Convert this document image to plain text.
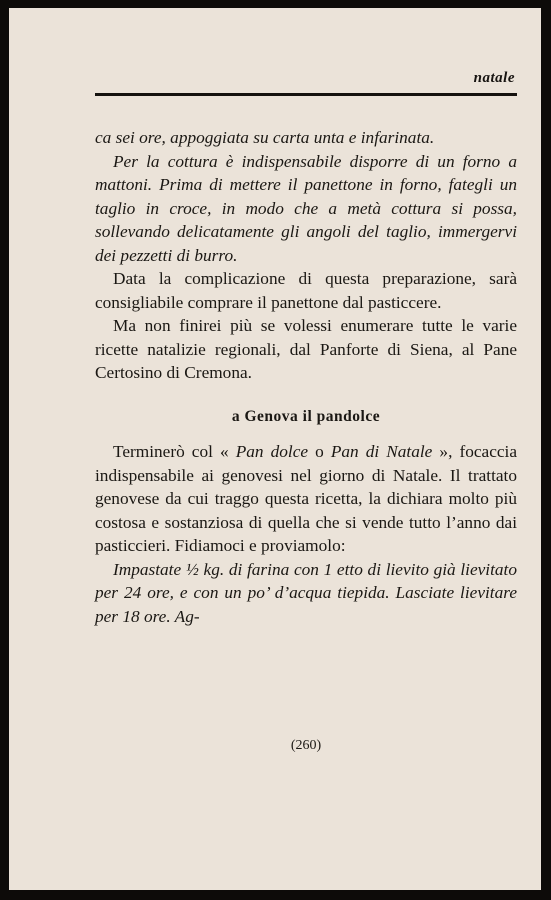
natale

ca sei ore, appoggiata su carta unta e infarinata.

Per la cottura è indispensabile disporre di un forno a mattoni. Prima di mettere il panettone in forno, fategli un taglio in croce, in modo che a metà cottura si possa, sollevando delicatamente gli angoli del taglio, immergervi dei pezzetti di burro.

Data la complicazione di questa preparazione, sarà consigliabile comprare il panettone dal pasticcere.

Ma non finirei più se volessi enumerare tutte le varie ricette natalizie regionali, dal Panforte di Siena, al Pane Certosino di Cremona.

a Genova il pandolce

Terminerò col « Pan dolce o Pan di Natale », focaccia indispensabile ai genovesi nel giorno di Natale. Il trattato genovese da cui traggo questa ricetta, la dichiara molto più costosa e sostanziosa di quella che si vende tutto l’anno dai pasticcieri. Fidiamoci e proviamolo:

Impastate ½ kg. di farina con 1 etto di lievito già lievitato per 24 ore, e con un po’ d’acqua tiepida. Lasciate lievitare per 18 ore. Ag-

(260)
